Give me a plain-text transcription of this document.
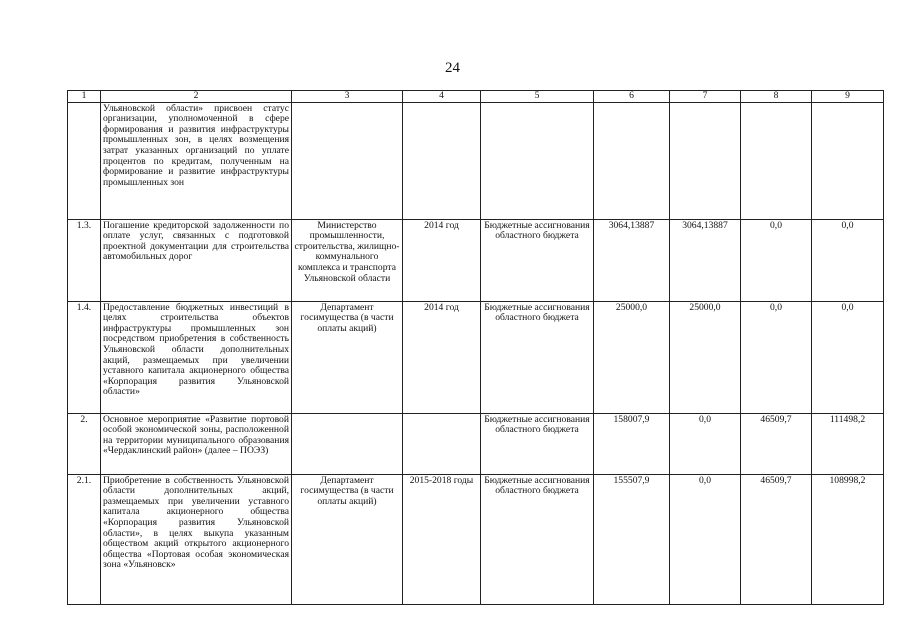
24
1	2	3	4	5	6	7	8	9
	Ульяновской области» присвоен статус организации, уполномоченной в сфере формирования и развития инфраструктуры промышленных зон, в целях возмещения затрат указанных организаций по уплате процентов по кредитам, полученным на формирование и развитие инфраструктуры промышленных зон							
1.3.	Погашение кредиторской задолженности по оплате услуг, связанных с подготовкой проектной документации для строительства автомобильных дорог	Министерство промышленности, строительства, жилищно-коммунального комплекса и транспорта Ульяновской области	2014 год	Бюджетные ассигнования областного бюджета	3064,13887	3064,13887	0,0	0,0
1.4.	Предоставление бюджетных инвестиций в целях строительства объектов инфраструктуры промышленных зон посредством приобретения в собственность Ульяновской области дополнительных акций, размещаемых при увеличении уставного капитала акционерного общества «Корпорация развития Ульяновской области»	Департамент госимущества (в части оплаты акций)	2014 год	Бюджетные ассигнования областного бюджета	25000,0	25000,0	0,0	0,0
2.	Основное мероприятие «Развитие портовой особой экономической зоны, расположенной на территории муниципального образования «Чердаклинский район» (далее – ПОЭЗ)			Бюджетные ассигнования областного бюджета	158007,9	0,0	46509,7	111498,2
2.1.	Приобретение в собственность Ульяновской области дополнительных акций, размещаемых при увеличении уставного капитала акционерного общества «Корпорация развития Ульяновской области», в целях выкупа указанным обществом акций открытого акционерного общества «Портовая особая экономическая зона «Ульяновск»	Департамент госимущества (в части оплаты акций)	2015-2018 годы	Бюджетные ассигнования областного бюджета	155507,9	0,0	46509,7	108998,2
